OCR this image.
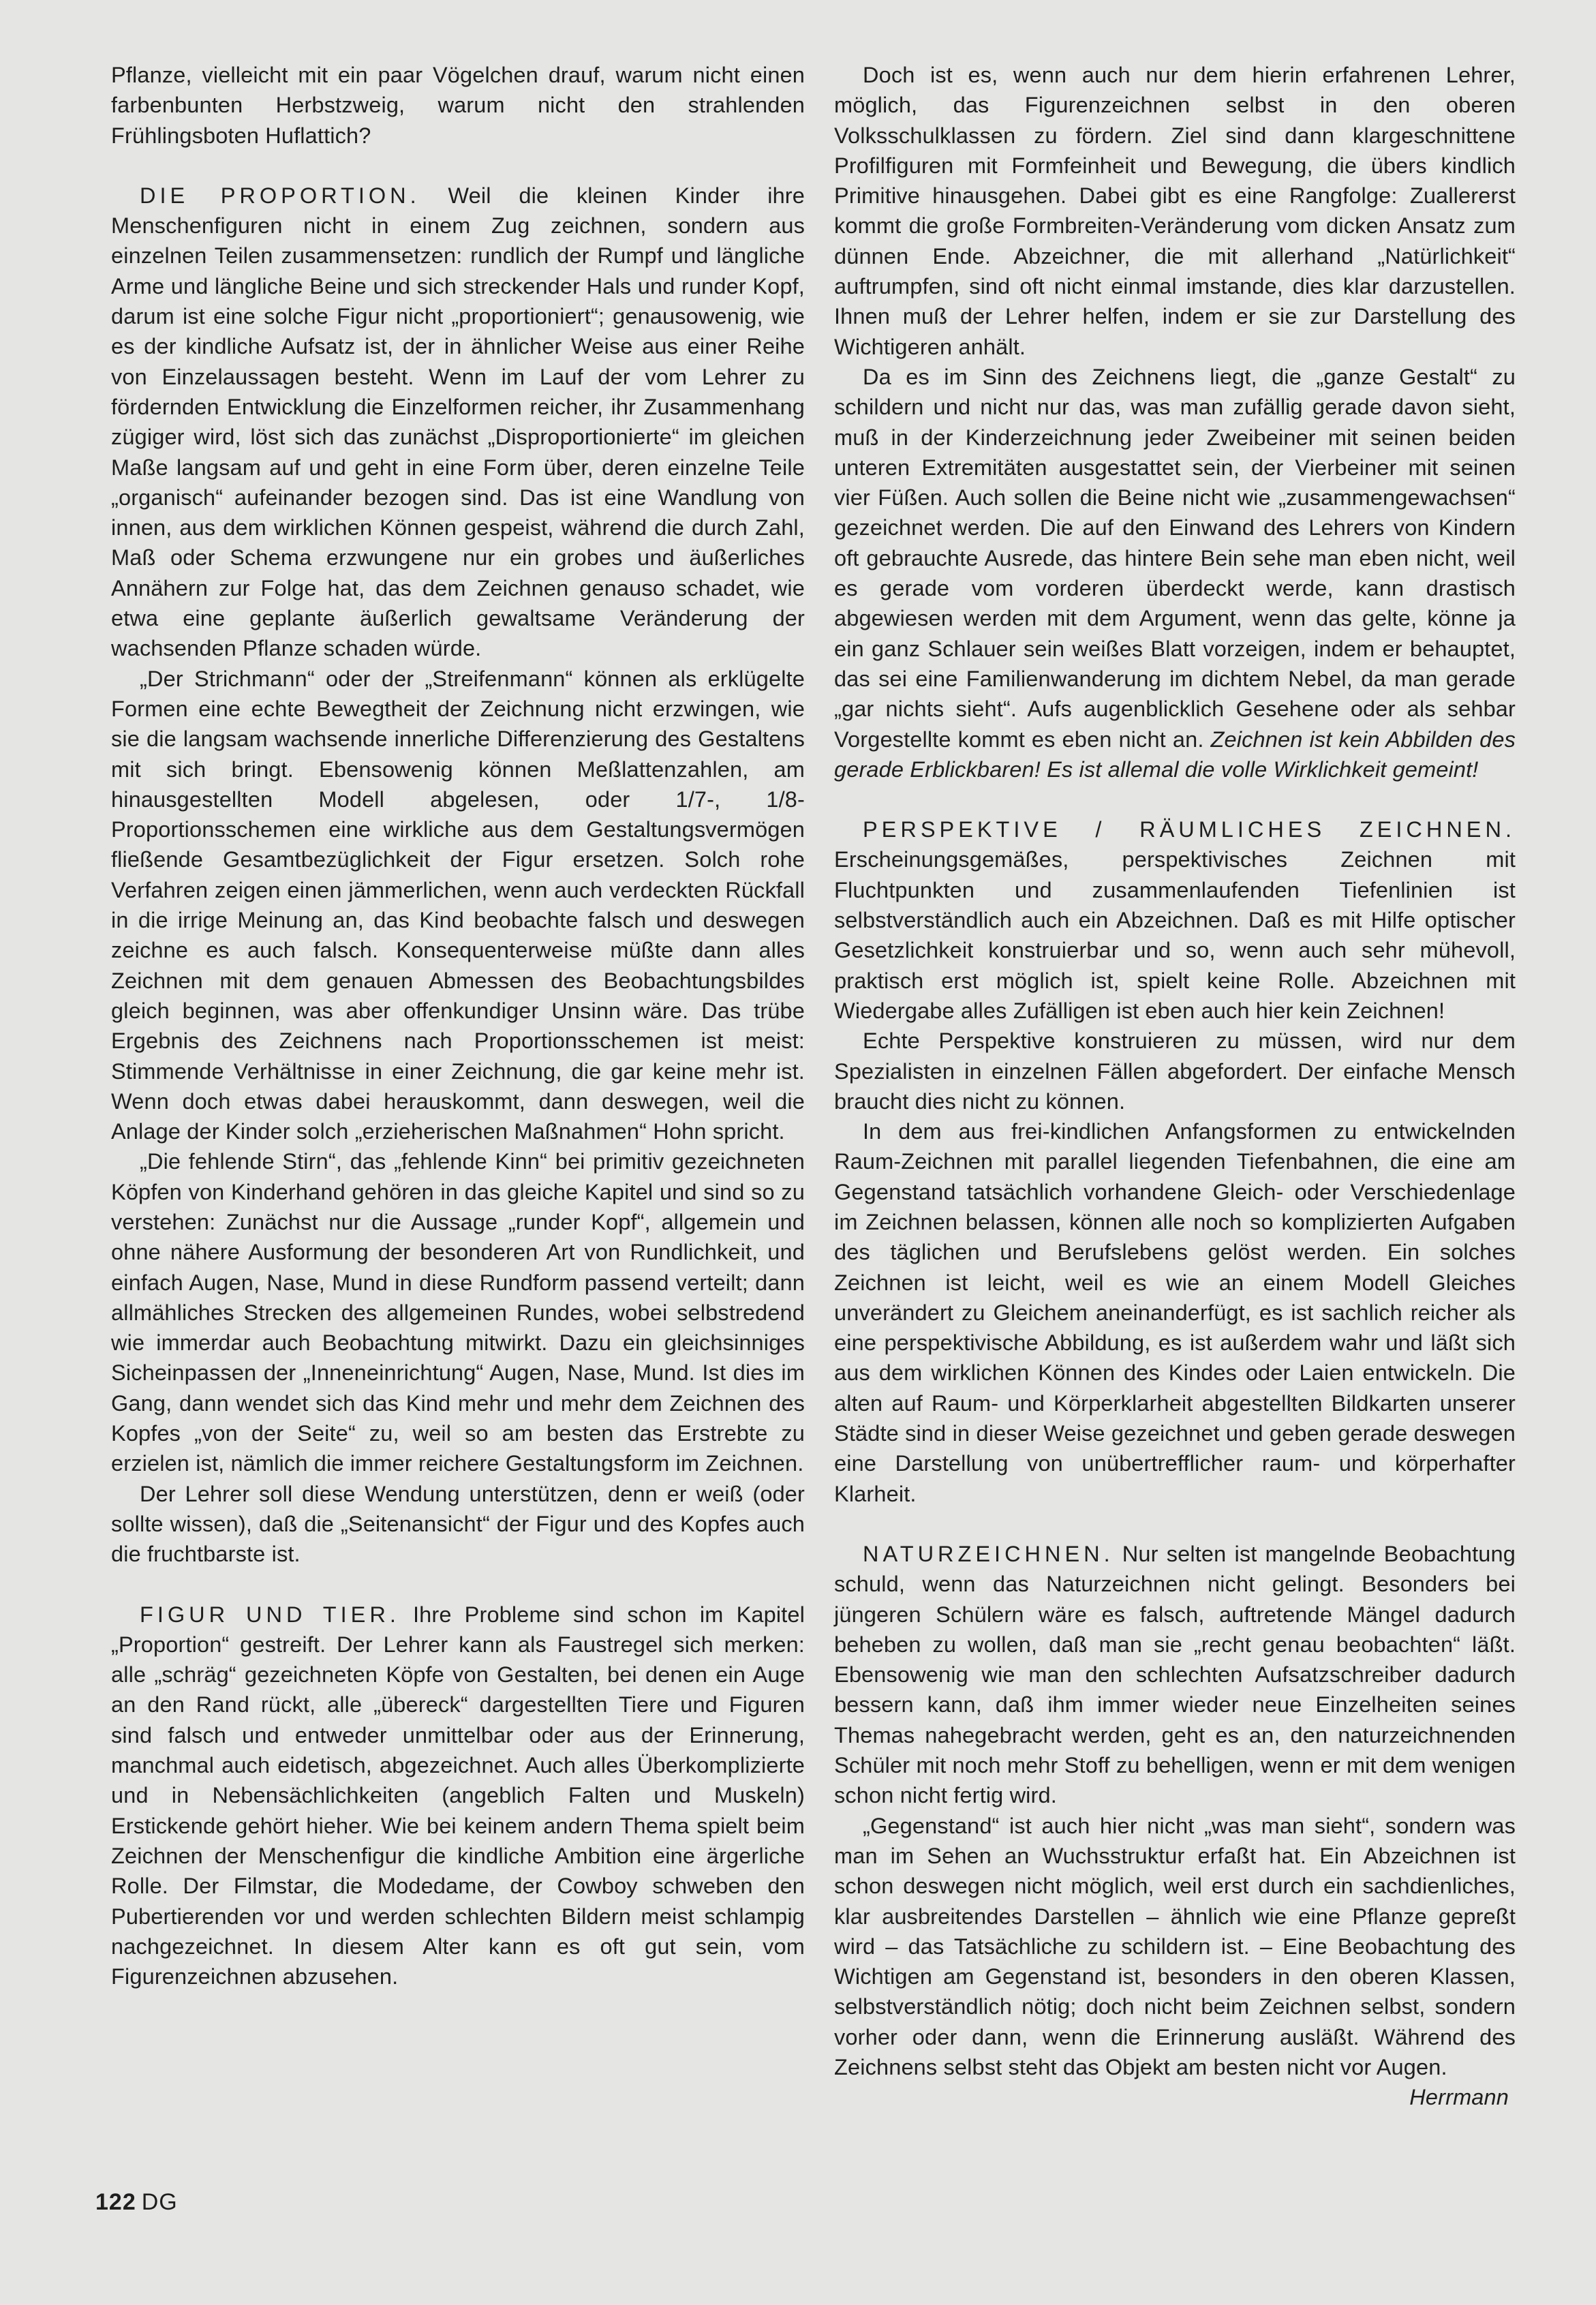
Pflanze, vielleicht mit ein paar Vögelchen drauf, warum nicht einen farbenbunten Herbstzweig, warum nicht den strahlenden Frühlingsboten Huflattich?

DIE PROPORTION. Weil die kleinen Kinder ihre Menschenfiguren nicht in einem Zug zeichnen, sondern aus einzelnen Teilen zusammensetzen: rundlich der Rumpf und längliche Arme und längliche Beine und sich streckender Hals und runder Kopf, darum ist eine solche Figur nicht „proportioniert“; genausowenig, wie es der kindliche Aufsatz ist, der in ähnlicher Weise aus einer Reihe von Einzelaussagen besteht. Wenn im Lauf der vom Lehrer zu fördernden Entwicklung die Einzelformen reicher, ihr Zusammenhang zügiger wird, löst sich das zunächst „Disproportionierte“ im gleichen Maße langsam auf und geht in eine Form über, deren einzelne Teile „organisch“ aufeinander bezogen sind. Das ist eine Wandlung von innen, aus dem wirklichen Können gespeist, während die durch Zahl, Maß oder Schema erzwungene nur ein grobes und äußerliches Annähern zur Folge hat, das dem Zeichnen genauso schadet, wie etwa eine geplante äußerlich gewaltsame Veränderung der wachsenden Pflanze schaden würde.

„Der Strichmann“ oder der „Streifenmann“ können als erklügelte Formen eine echte Bewegtheit der Zeichnung nicht erzwingen, wie sie die langsam wachsende innerliche Differenzierung des Gestaltens mit sich bringt. Ebensowenig können Meßlattenzahlen, am hinausgestellten Modell abgelesen, oder 1/7-, 1/8-Proportionsschemen eine wirkliche aus dem Gestaltungsvermögen fließende Gesamtbezüglichkeit der Figur ersetzen. Solch rohe Verfahren zeigen einen jämmerlichen, wenn auch verdeckten Rückfall in die irrige Meinung an, das Kind beobachte falsch und deswegen zeichne es auch falsch. Konsequenterweise müßte dann alles Zeichnen mit dem genauen Abmessen des Beobachtungsbildes gleich beginnen, was aber offenkundiger Unsinn wäre. Das trübe Ergebnis des Zeichnens nach Proportionsschemen ist meist: Stimmende Verhältnisse in einer Zeichnung, die gar keine mehr ist. Wenn doch etwas dabei herauskommt, dann deswegen, weil die Anlage der Kinder solch „erzieherischen Maßnahmen“ Hohn spricht.

„Die fehlende Stirn“, das „fehlende Kinn“ bei primitiv gezeichneten Köpfen von Kinderhand gehören in das gleiche Kapitel und sind so zu verstehen: Zunächst nur die Aussage „runder Kopf“, allgemein und ohne nähere Ausformung der besonderen Art von Rundlichkeit, und einfach Augen, Nase, Mund in diese Rundform passend verteilt; dann allmähliches Strecken des allgemeinen Rundes, wobei selbstredend wie immerdar auch Beobachtung mitwirkt. Dazu ein gleichsinniges Sicheinpassen der „Inneneinrichtung“ Augen, Nase, Mund. Ist dies im Gang, dann wendet sich das Kind mehr und mehr dem Zeichnen des Kopfes „von der Seite“ zu, weil so am besten das Erstrebte zu erzielen ist, nämlich die immer reichere Gestaltungsform im Zeichnen.

Der Lehrer soll diese Wendung unterstützen, denn er weiß (oder sollte wissen), daß die „Seitenansicht“ der Figur und des Kopfes auch die fruchtbarste ist.

FIGUR UND TIER. Ihre Probleme sind schon im Kapitel „Proportion“ gestreift. Der Lehrer kann als Faustregel sich merken: alle „schräg“ gezeichneten Köpfe von Gestalten, bei denen ein Auge an den Rand rückt, alle „übereck“ dargestellten Tiere und Figuren sind falsch und entweder unmittelbar oder aus der Erinnerung, manchmal auch eidetisch, abgezeichnet. Auch alles Überkomplizierte und in Nebensächlichkeiten (angeblich Falten und Muskeln) Erstickende gehört hieher. Wie bei keinem andern Thema spielt beim Zeichnen der Menschenfigur die kindliche Ambition eine ärgerliche Rolle. Der Filmstar, die Modedame, der Cowboy schweben den Pubertierenden vor und werden schlechten Bildern meist schlampig nachgezeichnet. In diesem Alter kann es oft gut sein, vom Figurenzeichnen abzusehen.

Doch ist es, wenn auch nur dem hierin erfahrenen Lehrer, möglich, das Figurenzeichnen selbst in den oberen Volksschulklassen zu fördern. Ziel sind dann klargeschnittene Profilfiguren mit Formfeinheit und Bewegung, die übers kindlich Primitive hinausgehen. Dabei gibt es eine Rangfolge: Zuallererst kommt die große Formbreiten-Veränderung vom dicken Ansatz zum dünnen Ende. Abzeichner, die mit allerhand „Natürlichkeit“ auftrumpfen, sind oft nicht einmal imstande, dies klar darzustellen. Ihnen muß der Lehrer helfen, indem er sie zur Darstellung des Wichtigeren anhält.

Da es im Sinn des Zeichnens liegt, die „ganze Gestalt“ zu schildern und nicht nur das, was man zufällig gerade davon sieht, muß in der Kinderzeichnung jeder Zweibeiner mit seinen beiden unteren Extremitäten ausgestattet sein, der Vierbeiner mit seinen vier Füßen. Auch sollen die Beine nicht wie „zusammengewachsen“ gezeichnet werden. Die auf den Einwand des Lehrers von Kindern oft gebrauchte Ausrede, das hintere Bein sehe man eben nicht, weil es gerade vom vorderen überdeckt werde, kann drastisch abgewiesen werden mit dem Argument, wenn das gelte, könne ja ein ganz Schlauer sein weißes Blatt vorzeigen, indem er behauptet, das sei eine Familienwanderung im dichtem Nebel, da man gerade „gar nichts sieht“. Aufs augenblicklich Gesehene oder als sehbar Vorgestellte kommt es eben nicht an. Zeichnen ist kein Abbilden des gerade Erblickbaren! Es ist allemal die volle Wirklichkeit gemeint!

PERSPEKTIVE / RÄUMLICHES ZEICHNEN. Erscheinungsgemäßes, perspektivisches Zeichnen mit Fluchtpunkten und zusammenlaufenden Tiefenlinien ist selbstverständlich auch ein Abzeichnen. Daß es mit Hilfe optischer Gesetzlichkeit konstruierbar und so, wenn auch sehr mühevoll, praktisch erst möglich ist, spielt keine Rolle. Abzeichnen mit Wiedergabe alles Zufälligen ist eben auch hier kein Zeichnen!

Echte Perspektive konstruieren zu müssen, wird nur dem Spezialisten in einzelnen Fällen abgefordert. Der einfache Mensch braucht dies nicht zu können.

In dem aus frei-kindlichen Anfangsformen zu entwickelnden Raum-Zeichnen mit parallel liegenden Tiefenbahnen, die eine am Gegenstand tatsächlich vorhandene Gleich- oder Verschiedenlage im Zeichnen belassen, können alle noch so komplizierten Aufgaben des täglichen und Berufslebens gelöst werden. Ein solches Zeichnen ist leicht, weil es wie an einem Modell Gleiches unverändert zu Gleichem aneinanderfügt, es ist sachlich reicher als eine perspektivische Abbildung, es ist außerdem wahr und läßt sich aus dem wirklichen Können des Kindes oder Laien entwickeln. Die alten auf Raum- und Körperklarheit abgestellten Bildkarten unserer Städte sind in dieser Weise gezeichnet und geben gerade deswegen eine Darstellung von unübertrefflicher raum- und körperhafter Klarheit.

NATURZEICHNEN. Nur selten ist mangelnde Beobachtung schuld, wenn das Naturzeichnen nicht gelingt. Besonders bei jüngeren Schülern wäre es falsch, auftretende Mängel dadurch beheben zu wollen, daß man sie „recht genau beobachten“ läßt. Ebensowenig wie man den schlechten Aufsatzschreiber dadurch bessern kann, daß ihm immer wieder neue Einzelheiten seines Themas nahegebracht werden, geht es an, den naturzeichnenden Schüler mit noch mehr Stoff zu behelligen, wenn er mit dem wenigen schon nicht fertig wird.

„Gegenstand“ ist auch hier nicht „was man sieht“, sondern was man im Sehen an Wuchsstruktur erfaßt hat. Ein Abzeichnen ist schon deswegen nicht möglich, weil erst durch ein sachdienliches, klar ausbreitendes Darstellen – ähnlich wie eine Pflanze gepreßt wird – das Tatsächliche zu schildern ist. – Eine Beobachtung des Wichtigen am Gegenstand ist, besonders in den oberen Klassen, selbstverständlich nötig; doch nicht beim Zeichnen selbst, sondern vorher oder dann, wenn die Erinnerung ausläßt. Während des Zeichnens selbst steht das Objekt am besten nicht vor Augen.
Herrmann

122 DG
